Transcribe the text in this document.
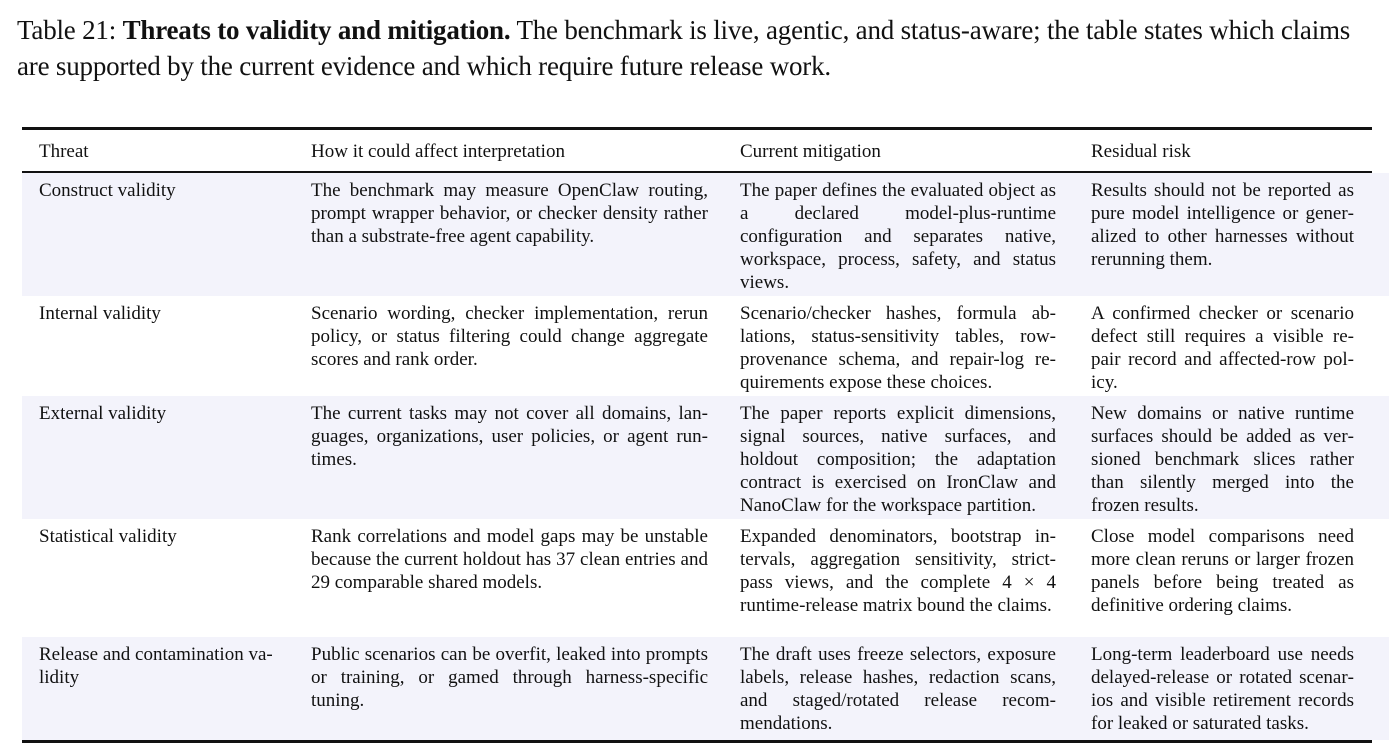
Table 21: Threats to validity and mitigation. The benchmark is live, agentic, and status-aware; the table states which claims are supported by the current evidence and which require future release work.
Threat	How it could affect interpretation	Current mitigation	Residual risk
Construct validity	The benchmark may measure OpenClaw routing, prompt wrapper behavior, or checker density rather than a substrate-free agent capability.	The paper defines the evaluated object as a declared model-plus-runtime configuration and separates native, workspace, process, safety, and status views.	Results should not be reported as pure model intelligence or generalized to other harnesses without rerunning them.

Internal validity	Scenario wording, checker implementation, rerun policy, or status filtering could change aggregate scores and rank order.	Scenario/checker hashes, formula ablations, status-sensitivity tables, row-provenance schema, and repair-log requirements expose these choices.	A confirmed checker or scenario defect still requires a visible repair record and affected-row policy.

External validity	The current tasks may not cover all domains, languages, organizations, user policies, or agent runtimes.	The paper reports explicit dimensions, signal sources, native surfaces, and holdout composition; the adaptation contract is exercised on IronClaw and NanoClaw for the workspace partition.	New domains or native runtime surfaces should be added as versioned benchmark slices rather than silently merged into the frozen results.

Statistical validity	Rank correlations and model gaps may be unstable because the current holdout has 37 clean entries and 29 comparable shared models.	Expanded denominators, bootstrap intervals, aggregation sensitivity, strict-pass views, and the complete 4 × 4 runtime-release matrix bound the claims.	Close model comparisons need more clean reruns or larger frozen panels before being treated as definitive ordering claims.

Release and contamination validity	Public scenarios can be overfit, leaked into prompts or training, or gamed through harness-specific tuning.	The draft uses freeze selectors, exposure labels, release hashes, redaction scans, and staged/rotated release recommendations.	Long-term leaderboard use needs delayed-release or rotated scenarios and visible retirement records for leaked or saturated tasks.
